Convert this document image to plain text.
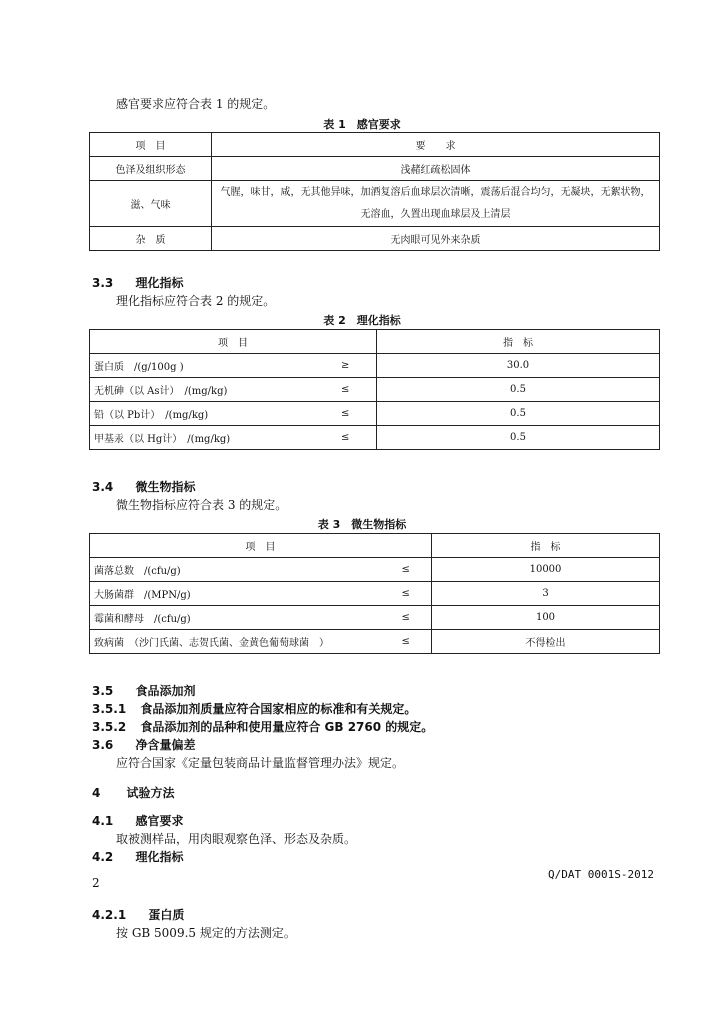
感官要求应符合表 1 的规定。
表 1　感官要求
项　目	要　　求
色泽及组织形态	浅赭红疏松固体
滋、气味	气腥，味甘，咸，无其他异味，加酒复溶后血球层次清晰，震荡后混合均匀，无凝块，无絮状物，无溶血，久置出现血球层及上清层
杂　质	无肉眼可见外来杂质
3.3 理化指标
理化指标应符合表 2 的规定。
表 2　理化指标
项　目		指　标
蛋白质　/(g/100g )	≥	30.0
无机砷（以 As计）　/(mg/kg)	≤	0.5
铅（以 Pb计）　/(mg/kg)	≤	0.5
甲基汞（以 Hg计）　/(mg/kg)	≤	0.5
3.4 微生物指标
微生物指标应符合表 3 的规定。
表 3　微生物指标
项　目		指　标
菌落总数　/(cfu/g)	≤	10000
大肠菌群　/(MPN/g)	≤	3
霉菌和酵母　/(cfu/g)	≤	100
致病菌　（沙门氏菌、志贺氏菌、金黄色葡萄球菌　）	≤	不得检出
3.5 食品添加剂
3.5.1 食品添加剂质量应符合国家相应的标准和有关规定。
3.5.2 食品添加剂的品种和使用量应符合 GB 2760 的规定。
3.6 净含量偏差
应符合国家《定量包装商品计量监督管理办法》规定。
4 试验方法
4.1 感官要求
取被测样品，用肉眼观察色泽、形态及杂质。
4.2 理化指标
Q/DAT 0001S-2012
2
4.2.1 蛋白质
按 GB 5009.5 规定的方法测定。
